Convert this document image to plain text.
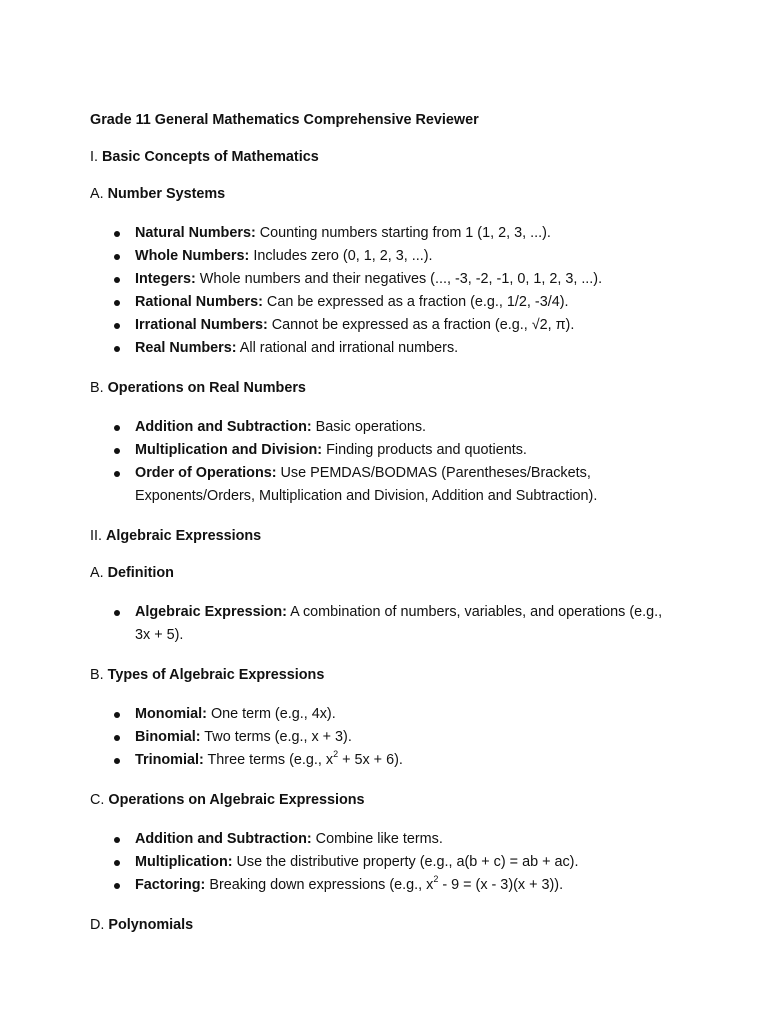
Grade 11 General Mathematics Comprehensive Reviewer
I. Basic Concepts of Mathematics
A. Number Systems
Natural Numbers: Counting numbers starting from 1 (1, 2, 3, ...).
Whole Numbers: Includes zero (0, 1, 2, 3, ...).
Integers: Whole numbers and their negatives (..., -3, -2, -1, 0, 1, 2, 3, ...).
Rational Numbers: Can be expressed as a fraction (e.g., 1/2, -3/4).
Irrational Numbers: Cannot be expressed as a fraction (e.g., √2, π).
Real Numbers: All rational and irrational numbers.
B. Operations on Real Numbers
Addition and Subtraction: Basic operations.
Multiplication and Division: Finding products and quotients.
Order of Operations: Use PEMDAS/BODMAS (Parentheses/Brackets, Exponents/Orders, Multiplication and Division, Addition and Subtraction).
II. Algebraic Expressions
A. Definition
Algebraic Expression: A combination of numbers, variables, and operations (e.g., 3x + 5).
B. Types of Algebraic Expressions
Monomial: One term (e.g., 4x).
Binomial: Two terms (e.g., x + 3).
Trinomial: Three terms (e.g., $x^2 + 5x + 6$).
C. Operations on Algebraic Expressions
Addition and Subtraction: Combine like terms.
Multiplication: Use the distributive property (e.g., a(b + c) = ab + ac).
Factoring: Breaking down expressions (e.g., $x^2 - 9 = (x - 3)(x + 3)$).
D. Polynomials
